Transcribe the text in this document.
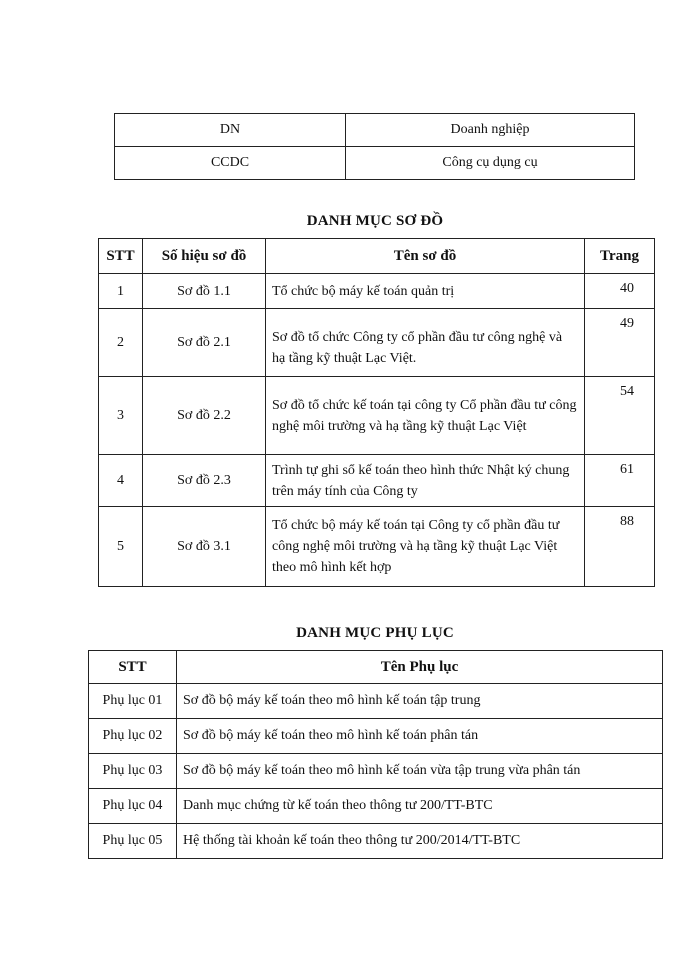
DN	Doanh nghiệp
CCDC	Công cụ dụng cụ
DANH MỤC SƠ ĐỒ
STT	Số hiệu sơ đồ	Tên sơ đồ	Trang
1	Sơ đồ 1.1	Tổ chức bộ máy kế toán quản trị	40
2	Sơ đồ 2.1	Sơ đồ tổ chức Công ty cổ phần đầu tư công nghệ và hạ tầng kỹ thuật Lạc Việt.	49
3	Sơ đồ 2.2	Sơ đồ tổ chức kế toán tại công ty Cổ phần đầu tư công nghệ môi trường và hạ tầng kỹ thuật Lạc Việt	54
4	Sơ đồ 2.3	Trình tự ghi sổ kế toán theo hình thức Nhật ký chung trên máy tính của Công ty	61
5	Sơ đồ 3.1	Tổ chức bộ máy kế toán tại Công ty cổ phần đầu tư công nghệ môi trường và hạ tầng kỹ thuật Lạc Việt theo mô hình kết hợp	88
DANH MỤC PHỤ LỤC
STT	Tên Phụ lục
Phụ lục 01	Sơ đồ bộ máy kế toán theo mô hình kế toán tập trung
Phụ lục 02	Sơ đồ bộ máy kế toán theo mô hình kế toán phân tán
Phụ lục 03	Sơ đồ bộ máy kế toán theo mô hình kế toán vừa tập trung vừa phân tán
Phụ lục 04	Danh mục chứng từ kế toán theo thông tư 200/TT-BTC
Phụ lục 05	Hệ thống tài khoản kế toán theo thông tư 200/2014/TT-BTC
